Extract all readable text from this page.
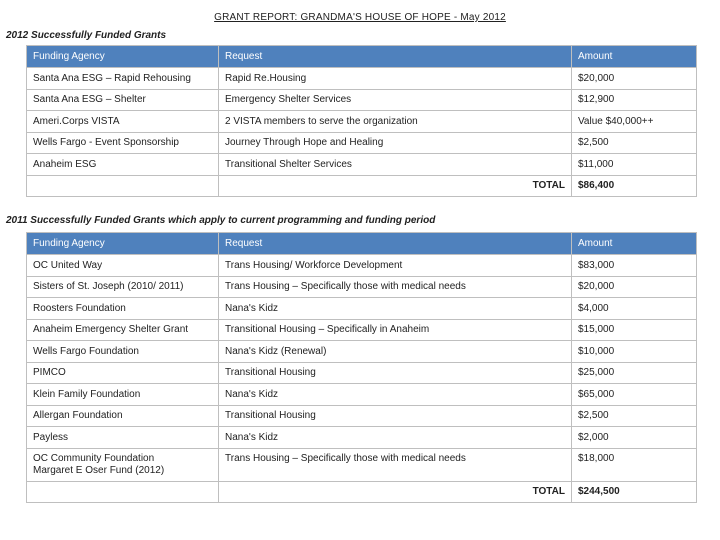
GRANT REPORT: GRANDMA'S HOUSE OF HOPE - May 2012
2012 Successfully Funded Grants
Funding Agency	Request	Amount
Santa Ana ESG – Rapid Rehousing	Rapid Re.Housing	$20,000
Santa Ana ESG – Shelter	Emergency Shelter Services	$12,900
Ameri.Corps VISTA	2 VISTA members to serve the organization	Value $40,000++
Wells Fargo - Event Sponsorship	Journey Through Hope and Healing	$2,500
Anaheim ESG	Transitional Shelter Services	$11,000
	TOTAL	$86,400
2011 Successfully Funded Grants which apply to current programming and funding period
Funding Agency	Request	Amount
OC United Way	Trans Housing/ Workforce Development	$83,000
Sisters of St. Joseph (2010/ 2011)	Trans Housing – Specifically those with medical needs	$20,000
Roosters Foundation	Nana's Kidz	$4,000
Anaheim Emergency Shelter Grant	Transitional Housing – Specifically in Anaheim	$15,000
Wells Fargo Foundation	Nana's Kidz (Renewal)	$10,000
PIMCO	Transitional Housing	$25,000
Klein Family Foundation	Nana's Kidz	$65,000
Allergan Foundation	Transitional Housing	$2,500
Payless	Nana's Kidz	$2,000

OC Community Foundation
Margaret E Oser Fund (2012)	Trans Housing – Specifically those with medical needs	$18,000
	TOTAL	$244,500
